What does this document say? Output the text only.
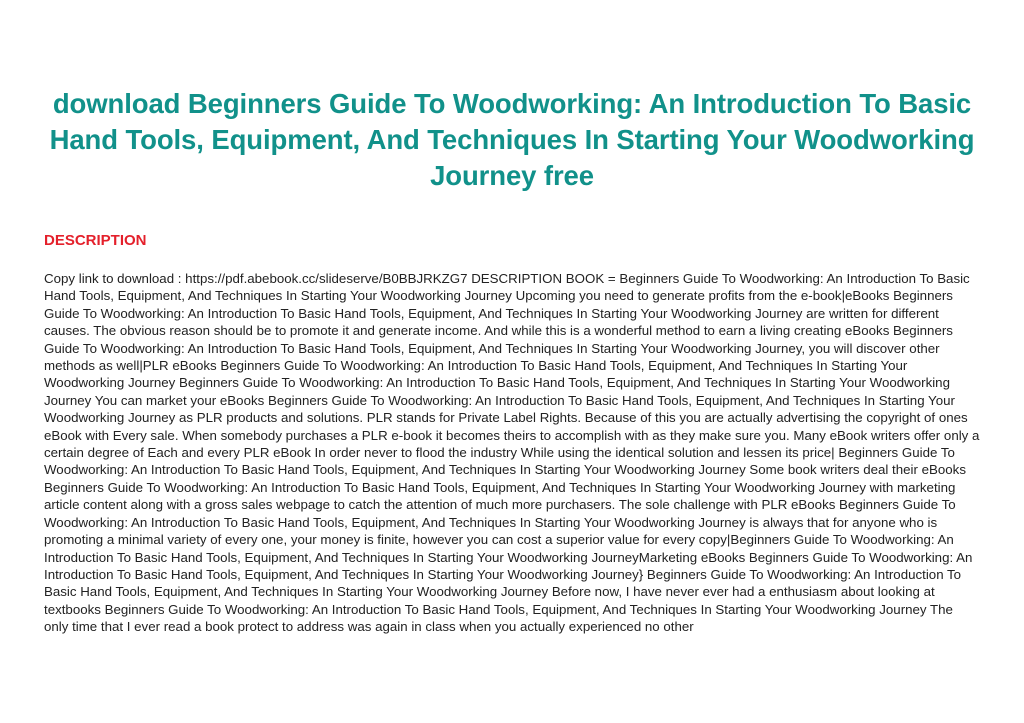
download Beginners Guide To Woodworking: An Introduction To Basic Hand Tools, Equipment, And Techniques In Starting Your Woodworking Journey free
DESCRIPTION

Copy link to download : https://pdf.abebook.cc/slideserve/B0BBJRKZG7 DESCRIPTION BOOK = Beginners Guide To Woodworking: An Introduction To Basic Hand Tools, Equipment, And Techniques In Starting Your Woodworking Journey Upcoming you need to generate profits from the e-book|eBooks Beginners Guide To Woodworking: An Introduction To Basic Hand Tools, Equipment, And Techniques In Starting Your Woodworking Journey are written for different causes. The obvious reason should be to promote it and generate income. And while this is a wonderful method to earn a living creating eBooks Beginners Guide To Woodworking: An Introduction To Basic Hand Tools, Equipment, And Techniques In Starting Your Woodworking Journey, you will discover other methods as well|PLR eBooks Beginners Guide To Woodworking: An Introduction To Basic Hand Tools, Equipment, And Techniques In Starting Your Woodworking Journey Beginners Guide To Woodworking: An Introduction To Basic Hand Tools, Equipment, And Techniques In Starting Your Woodworking Journey You can market your eBooks Beginners Guide To Woodworking: An Introduction To Basic Hand Tools, Equipment, And Techniques In Starting Your Woodworking Journey as PLR products and solutions. PLR stands for Private Label Rights. Because of this you are actually advertising the copyright of ones eBook with Every sale. When somebody purchases a PLR e-book it becomes theirs to accomplish with as they make sure you. Many eBook writers offer only a certain degree of Each and every PLR eBook In order never to flood the industry While using the identical solution and lessen its price| Beginners Guide To Woodworking: An Introduction To Basic Hand Tools, Equipment, And Techniques In Starting Your Woodworking Journey Some book writers deal their eBooks Beginners Guide To Woodworking: An Introduction To Basic Hand Tools, Equipment, And Techniques In Starting Your Woodworking Journey with marketing article content along with a gross sales webpage to catch the attention of much more purchasers. The sole challenge with PLR eBooks Beginners Guide To Woodworking: An Introduction To Basic Hand Tools, Equipment, And Techniques In Starting Your Woodworking Journey is always that for anyone who is promoting a minimal variety of every one, your money is finite, however you can cost a superior value for every copy|Beginners Guide To Woodworking: An Introduction To Basic Hand Tools, Equipment, And Techniques In Starting Your Woodworking JourneyMarketing eBooks Beginners Guide To Woodworking: An Introduction To Basic Hand Tools, Equipment, And Techniques In Starting Your Woodworking Journey} Beginners Guide To Woodworking: An Introduction To Basic Hand Tools, Equipment, And Techniques In Starting Your Woodworking Journey Before now, I have never ever had a enthusiasm about looking at textbooks Beginners Guide To Woodworking: An Introduction To Basic Hand Tools, Equipment, And Techniques In Starting Your Woodworking Journey The only time that I ever read a book protect to address was again in class when you actually experienced no other
